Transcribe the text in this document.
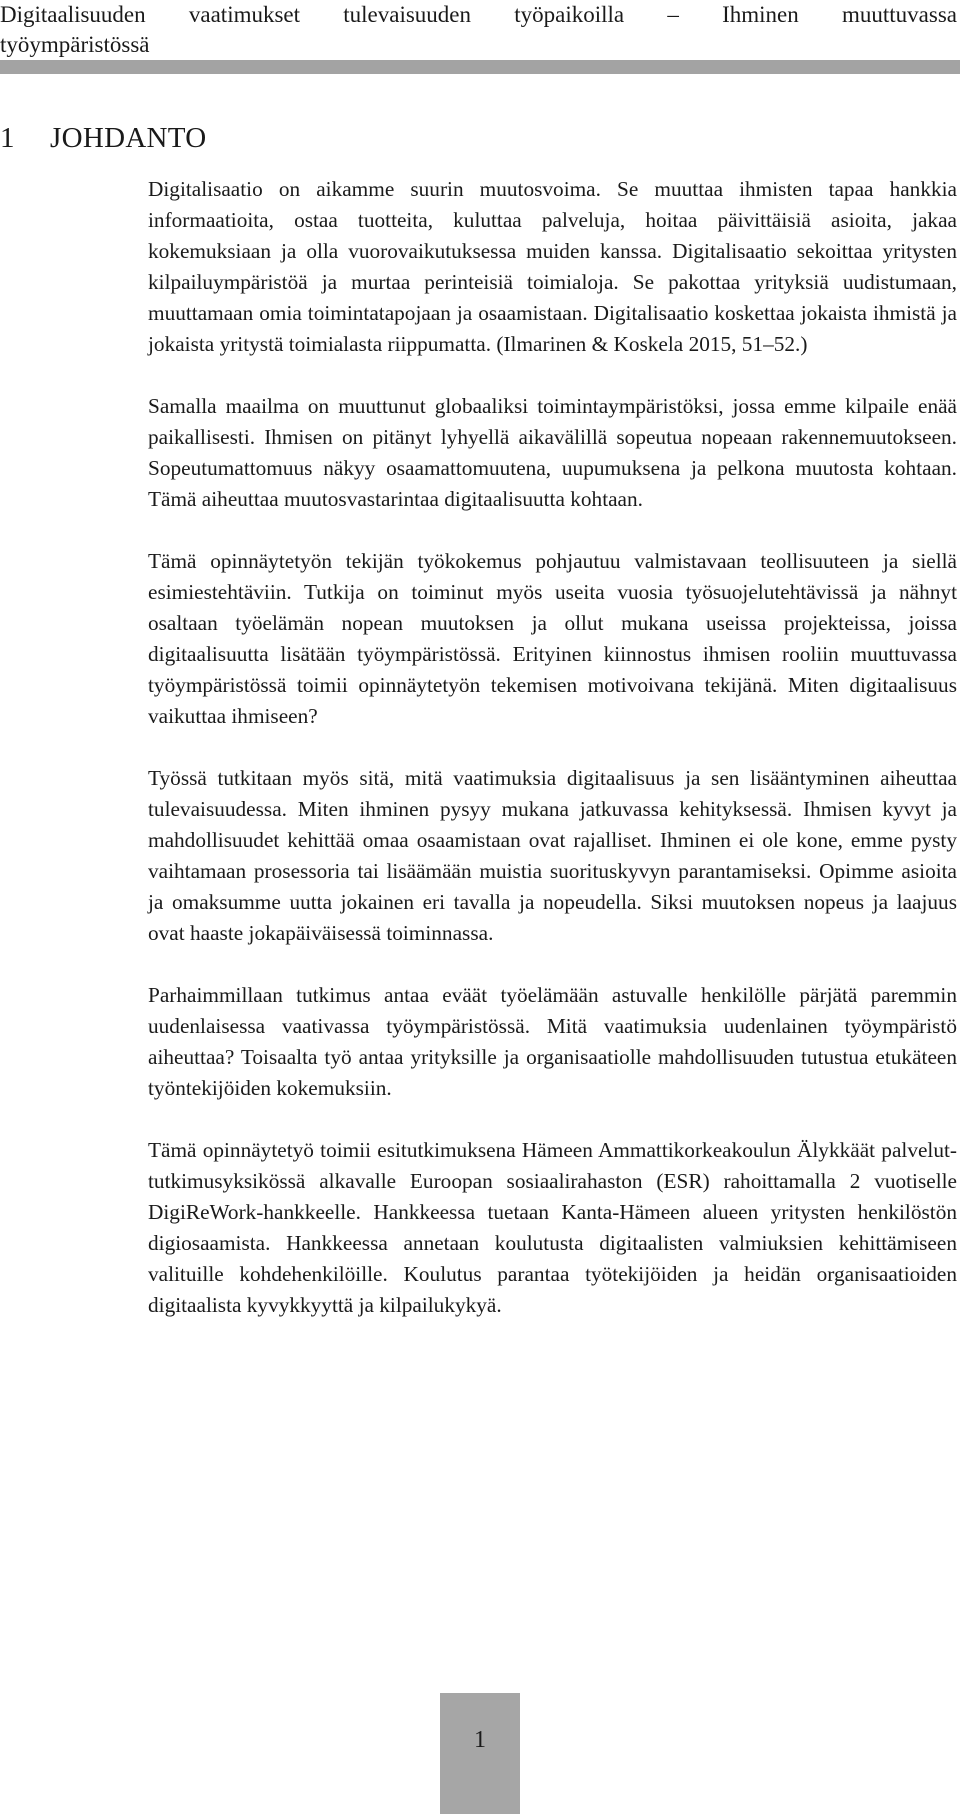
Digitaalisuuden vaatimukset tulevaisuuden työpaikoilla – Ihminen muuttuvassa
työympäristössä
1 JOHDANTO

Digitalisaatio on aikamme suurin muutosvoima. Se muuttaa ihmisten tapaa hankkia informaatioita, ostaa tuotteita, kuluttaa palveluja, hoitaa päivittäisiä asioita, jakaa kokemuksiaan ja olla vuorovaikutuksessa muiden kanssa. Digitalisaatio sekoittaa yritysten kilpailuympäristöä ja murtaa perinteisiä toimialoja. Se pakottaa yrityksiä uudistumaan, muuttamaan omia toimintatapojaan ja osaamistaan. Digitalisaatio koskettaa jokaista ihmistä ja jokaista yritystä toimialasta riippumatta. (Ilmarinen & Koskela 2015, 51–52.)

Samalla maailma on muuttunut globaaliksi toimintaympäristöksi, jossa emme kilpaile enää paikallisesti. Ihmisen on pitänyt lyhyellä aikavälillä sopeutua nopeaan rakennemuutokseen. Sopeutumattomuus näkyy osaamattomuutena, uupumuksena ja pelkona muutosta kohtaan. Tämä aiheuttaa muutosvastarintaa digitaalisuutta kohtaan.

Tämä opinnäytetyön tekijän työkokemus pohjautuu valmistavaan teollisuuteen ja siellä esimiestehtäviin. Tutkija on toiminut myös useita vuosia työsuojelutehtävissä ja nähnyt osaltaan työelämän nopean muutoksen ja ollut mukana useissa projekteissa, joissa digitaalisuutta lisätään työympäristössä. Erityinen kiinnostus ihmisen rooliin muuttuvassa työympäristössä toimii opinnäytetyön tekemisen motivoivana tekijänä. Miten digitaalisuus vaikuttaa ihmiseen?

Työssä tutkitaan myös sitä, mitä vaatimuksia digitaalisuus ja sen lisääntyminen aiheuttaa tulevaisuudessa. Miten ihminen pysyy mukana jatkuvassa kehityksessä. Ihmisen kyvyt ja mahdollisuudet kehittää omaa osaamistaan ovat rajalliset. Ihminen ei ole kone, emme pysty vaihtamaan prosessoria tai lisäämään muistia suorituskyvyn parantamiseksi. Opimme asioita ja omaksumme uutta jokainen eri tavalla ja nopeudella. Siksi muutoksen nopeus ja laajuus ovat haaste jokapäiväisessä toiminnassa.

Parhaimmillaan tutkimus antaa eväät työelämään astuvalle henkilölle pärjätä paremmin uudenlaisessa vaativassa työympäristössä. Mitä vaatimuksia uudenlainen työympäristö aiheuttaa? Toisaalta työ antaa yrityksille ja organisaatiolle mahdollisuuden tutustua etukäteen työntekijöiden kokemuksiin.

Tämä opinnäytetyö toimii esitutkimuksena Hämeen Ammattikorkeakoulun Älykkäät palvelut-tutkimusyksikössä alkavalle Euroopan sosiaalirahaston (ESR) rahoittamalla 2 vuotiselle DigiReWork-hankkeelle. Hankkeessa tuetaan Kanta-Hämeen alueen yritysten henkilöstön digiosaamista. Hankkeessa annetaan koulutusta digitaalisten valmiuksien kehittämiseen valituille kohdehenkilöille. Koulutus parantaa työtekijöiden ja heidän organisaatioiden digitaalista kyvykkyyttä ja kilpailukykyä.

1
